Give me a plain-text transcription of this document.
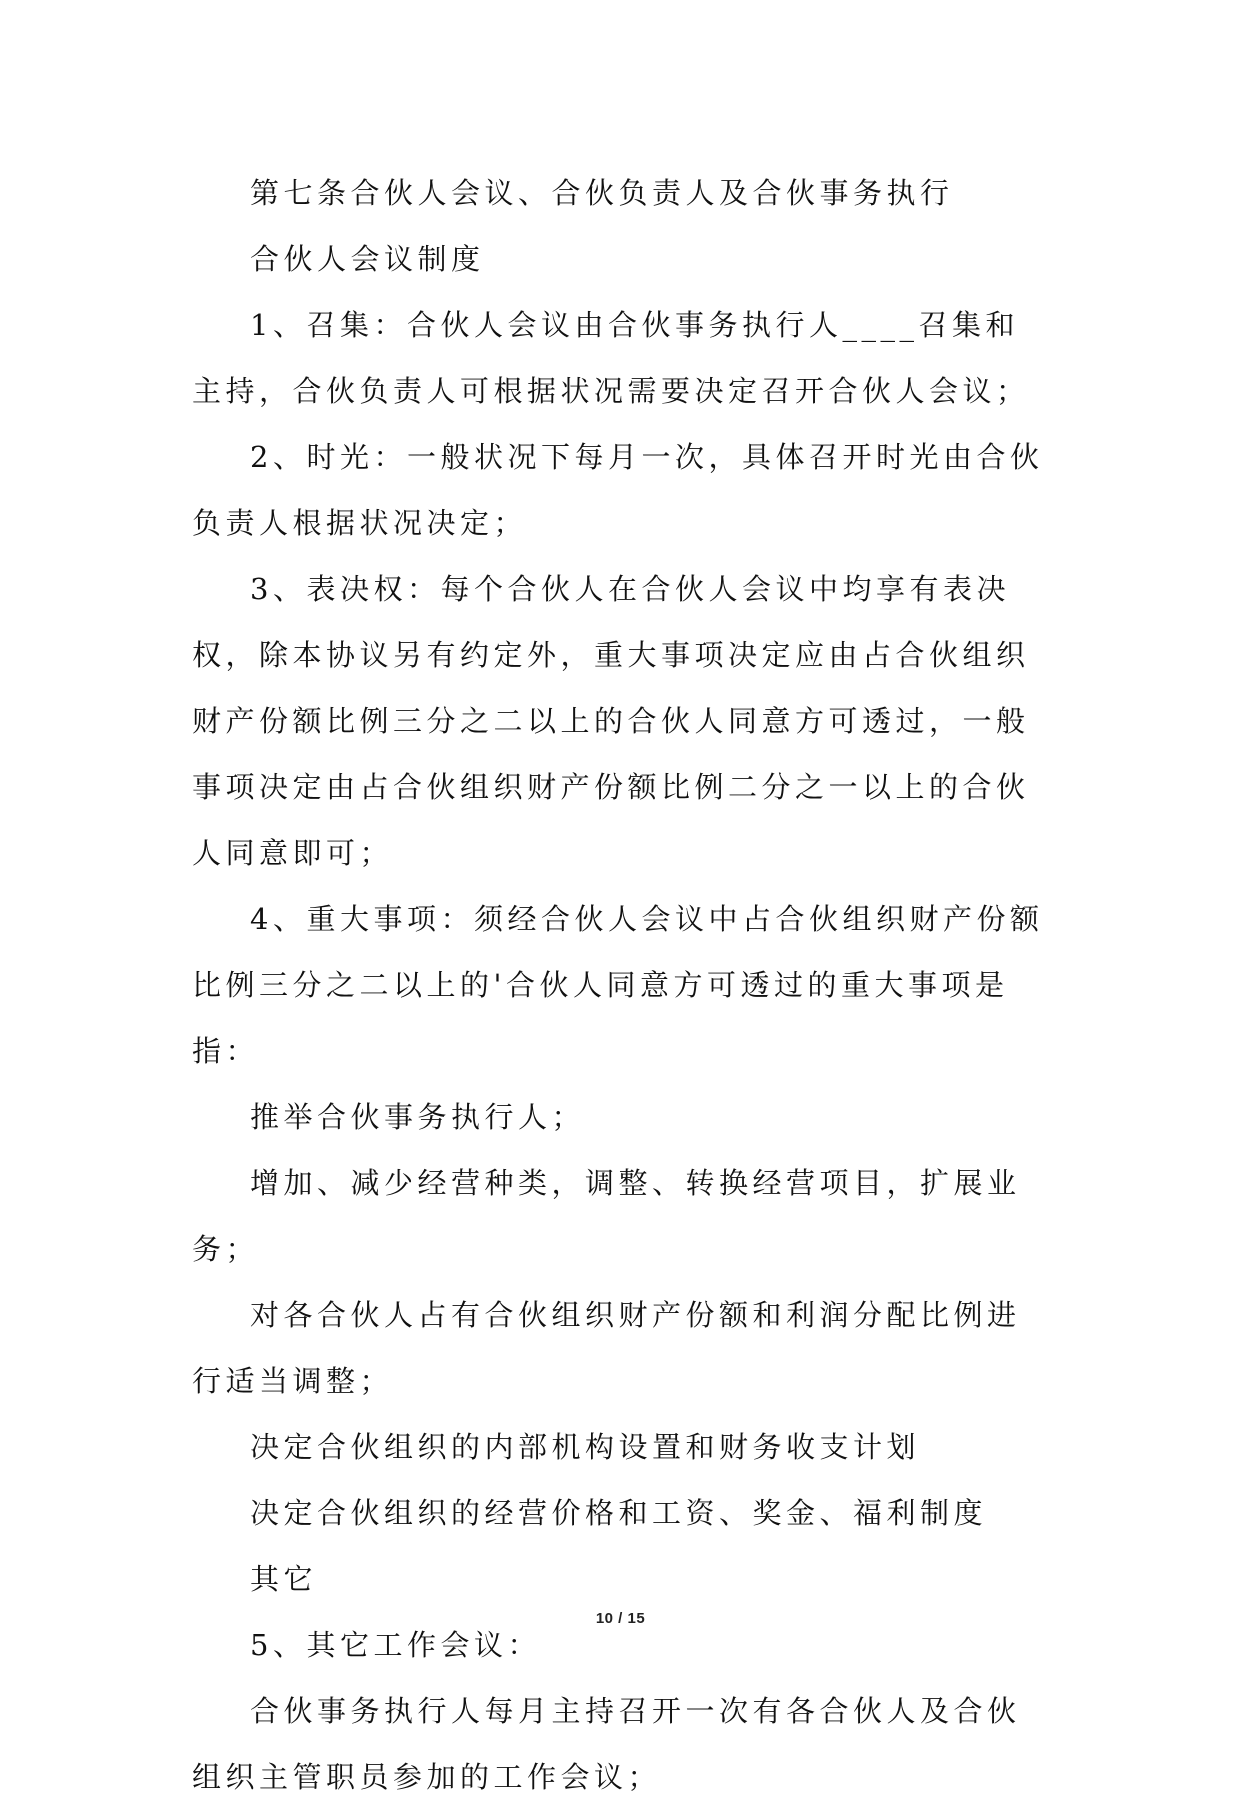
第七条合伙人会议、合伙负责人及合伙事务执行

合伙人会议制度

1、召集：合伙人会议由合伙事务执行人____召集和主持，合伙负责人可根据状况需要决定召开合伙人会议；

2、时光：一般状况下每月一次，具体召开时光由合伙负责人根据状况决定；

3、表决权：每个合伙人在合伙人会议中均享有表决权，除本协议另有约定外，重大事项决定应由占合伙组织财产份额比例三分之二以上的合伙人同意方可透过，一般事项决定由占合伙组织财产份额比例二分之一以上的合伙人同意即可；

4、重大事项：须经合伙人会议中占合伙组织财产份额比例三分之二以上的'合伙人同意方可透过的重大事项是指：

推举合伙事务执行人；

增加、减少经营种类，调整、转换经营项目，扩展业务；

对各合伙人占有合伙组织财产份额和利润分配比例进行适当调整；

决定合伙组织的内部机构设置和财务收支计划

决定合伙组织的经营价格和工资、奖金、福利制度

其它

5、其它工作会议：

合伙事务执行人每月主持召开一次有各合伙人及合伙组织主管职员参加的工作会议；

10 / 15
